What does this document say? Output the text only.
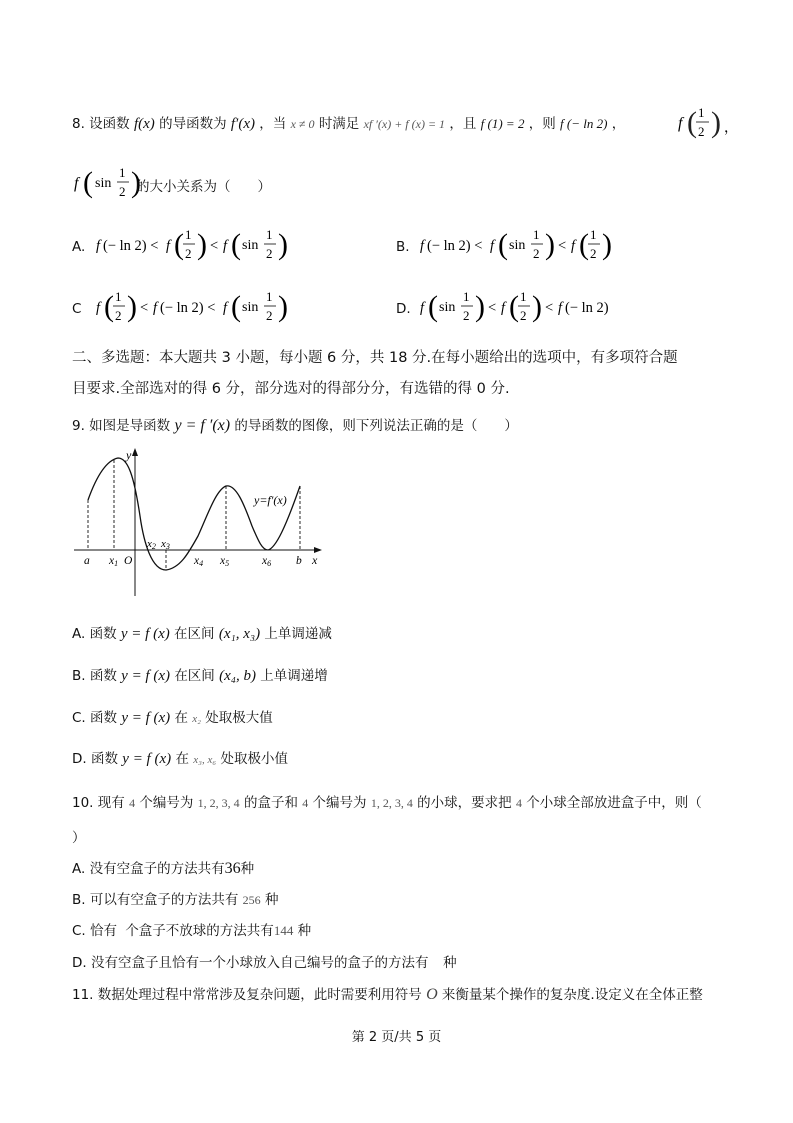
8. 设函数 f(x) 的导函数为 f′(x) ，当 x ≠ 0 时满足 xf ′(x) + f (x) = 1 ，且 f (1) = 2 ，则 f (− ln 2) ，	f ( 1
2 ) ，
f ( sin
1
2 )
的大小关系为（　　）
A. f (− ln 2) < f ( 1
2 ) < f ( sin
1
2 )	B. f (− ln 2) < f ( sin
1
2 ) < f ( 1
2 )
C f ( 1
2 ) < f (− ln 2) < f ( sin
1
2 )	D. f ( sin
1
2 ) < f ( 1
2 ) < f (− ln 2)
二、多选题：本大题共 3 小题，每小题 6 分，共 18 分.在每小题给出的选项中，有多项符合题
目要求.全部选对的得 6 分，部分选对的得部分分，有选错的得 0 分.
9. 如图是导函数 y = f ′(x) 的导函数的图像，则下列说法正确的是（　　）
y
x
y=f′(x)
O
a x1
x2 x3
x4 x5	x6 b
A. 函数 y = f (x) 在区间 (x₁, x₃) 上单调递减
B. 函数 y = f (x) 在区间 (x₄, b) 上单调递增
C. 函数 y = f (x) 在 x₂ 处取极大值
D. 函数 y = f (x) 在 x₃, x₆ 处取极小值
10. 现有 4 个编号为 1, 2, 3, 4 的盒子和 4 个编号为 1, 2, 3, 4 的小球，要求把 4 个小球全部放进盒子中，则（
）
A. 没有空盒子的方法共有36种
B. 可以有空盒子的方法共有 256 种
C. 恰有 个盒子不放球的方法共有144 种
D. 没有空盒子且恰有一个小球放入自己编号的盒子的方法有 种
11. 数据处理过程中常常涉及复杂问题，此时需要利用符号 O 来衡量某个操作的复杂度.设定义在全体正整
第 2 页/共 5 页
